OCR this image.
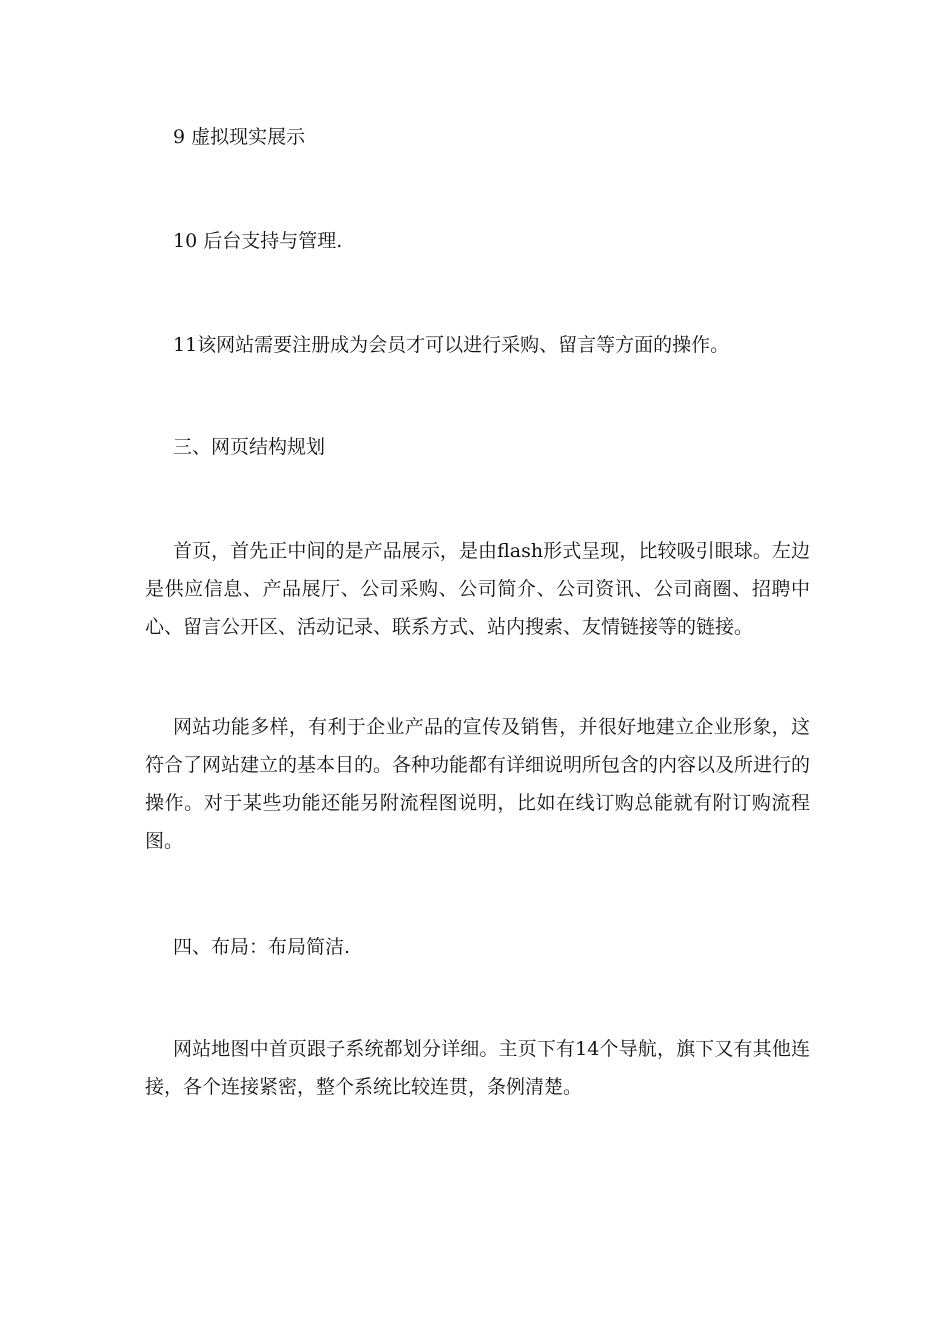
9 虚拟现实展示

10 后台支持与管理.

11该网站需要注册成为会员才可以进行采购、留言等方面的操作。

三、网页结构规划

首页，首先正中间的是产品展示，是由flash形式呈现，比较吸引眼球。左边是供应信息、产品展厅、公司采购、公司简介、公司资讯、公司商圈、招聘中心、留言公开区、活动记录、联系方式、站内搜索、友情链接等的链接。

网站功能多样，有利于企业产品的宣传及销售，并很好地建立企业形象，这符合了网站建立的基本目的。各种功能都有详细说明所包含的内容以及所进行的操作。对于某些功能还能另附流程图说明，比如在线订购总能就有附订购流程图。

四、布局：布局简洁.

网站地图中首页跟子系统都划分详细。主页下有14个导航，旗下又有其他连接，各个连接紧密，整个系统比较连贯，条例清楚。
